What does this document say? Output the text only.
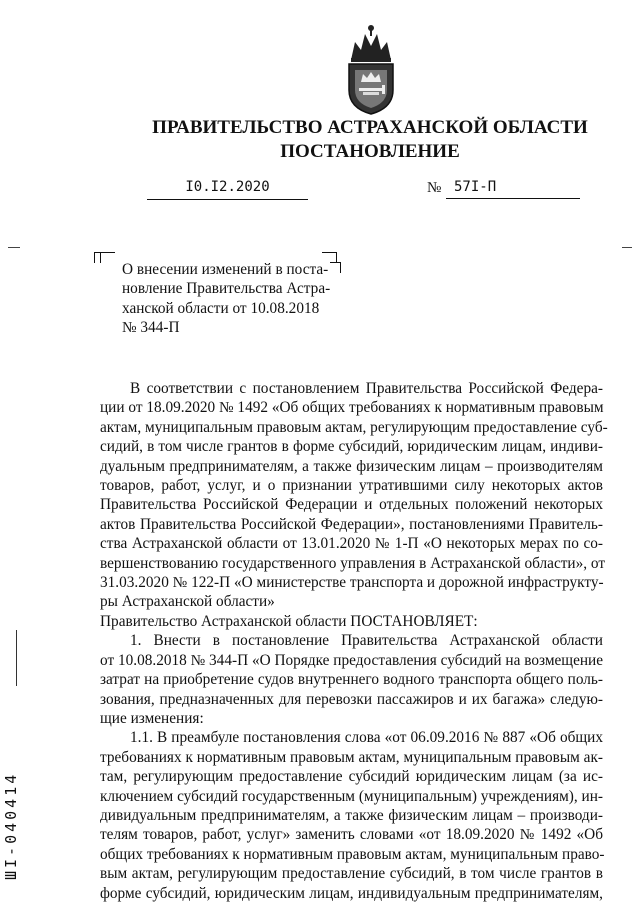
ПРАВИТЕЛЬСТВО АСТРАХАНСКОЙ ОБЛАСТИ
ПОСТАНОВЛЕНИЕ
I0.I2.2020	№ 57I-П
О внесении изменений в поста-
новление Правительства Астра-
ханской области от 10.08.2018
№ 344-П
В соответствии с постановлением Правительства Российской Федера-
ции от 18.09.2020 № 1492 «Об общих требованиях к нормативным правовым
актам, муниципальным правовым актам, регулирующим предоставление суб-
сидий, в том числе грантов в форме субсидий, юридическим лицам, индиви-
дуальным предпринимателям, а также физическим лицам – производителям
товаров, работ, услуг, и о признании утратившими силу некоторых актов
Правительства Российской Федерации и отдельных положений некоторых
актов Правительства Российской Федерации», постановлениями Правитель-
ства Астраханской области от 13.01.2020 № 1-П «О некоторых мерах по со-
вершенствованию государственного управления в Астраханской области», от
31.03.2020 № 122-П «О министерстве транспорта и дорожной инфраструкту-
ры Астраханской области»
Правительство Астраханской области ПОСТАНОВЛЯЕТ:
1. Внести в постановление Правительства Астраханской области
от 10.08.2018 № 344-П «О Порядке предоставления субсидий на возмещение
затрат на приобретение судов внутреннего водного транспорта общего поль-
зования, предназначенных для перевозки пассажиров и их багажа» следую-
щие изменения:
1.1. В преамбуле постановления слова «от 06.09.2016 № 887 «Об общих
требованиях к нормативным правовым актам, муниципальным правовым ак-
там, регулирующим предоставление субсидий юридическим лицам (за ис-
ключением субсидий государственным (муниципальным) учреждениям), ин-
дивидуальным предпринимателям, а также физическим лицам – производи-
телям товаров, работ, услуг» заменить словами «от 18.09.2020 № 1492 «Об
общих требованиях к нормативным правовым актам, муниципальным право-
вым актам, регулирующим предоставление субсидий, в том числе грантов в
форме субсидий, юридическим лицам, индивидуальным предпринимателям,
ШI-040414
